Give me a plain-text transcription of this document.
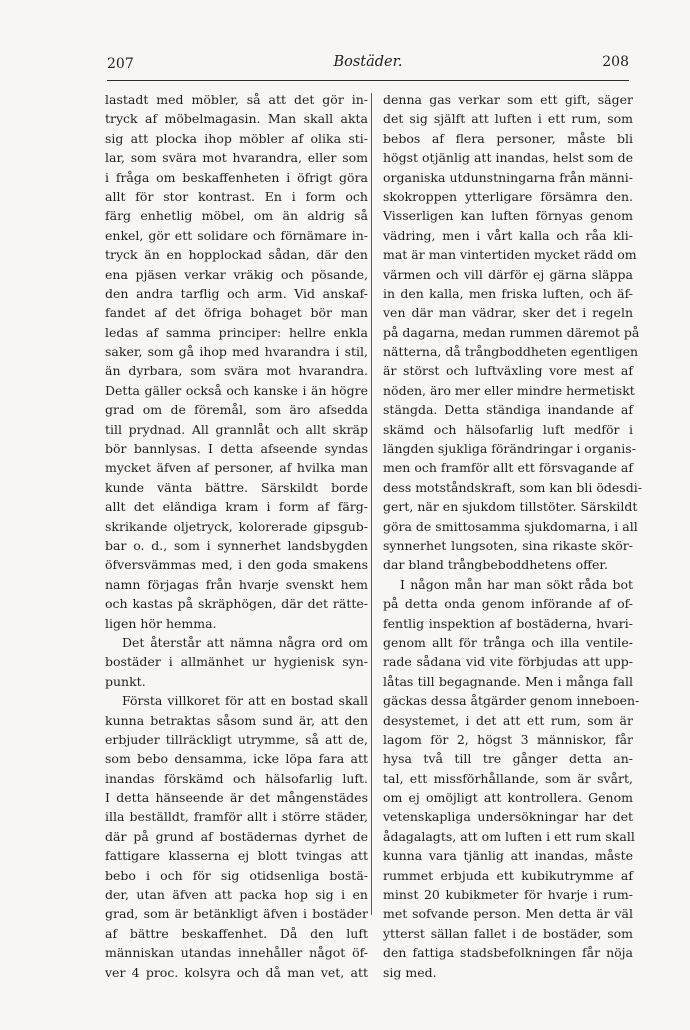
Bostäder.
207	208
lastadt med möbler, så att det gör in-
tryck af möbelmagasin. Man skall akta
sig att plocka ihop möbler af olika sti-
lar, som svära mot hvarandra, eller som
i fråga om beskaffenheten i öfrigt göra
allt för stor kontrast. En i form och
färg enhetlig möbel, om än aldrig så
enkel, gör ett solidare och förnämare in-
tryck än en hopplockad sådan, där den
ena pjäsen verkar vräkig och pösande,
den andra tarflig och arm. Vid anskaf-
fandet af det öfriga bohaget bör man
ledas af samma principer: hellre enkla
saker, som gå ihop med hvarandra i stil,
än dyrbara, som svära mot hvarandra.
Detta gäller också och kanske i än högre
grad om de föremål, som äro afsedda
till prydnad. All grannlåt och allt skräp
bör bannlysas. I detta afseende syndas
mycket äfven af personer, af hvilka man
kunde vänta bättre. Särskildt borde
allt det eländiga kram i form af färg-
skrikande oljetryck, kolorerade gipsgub-
bar o. d., som i synnerhet landsbygden
öfversvämmas med, i den goda smakens
namn förjagas från hvarje svenskt hem
och kastas på skräphögen, där det rätte-
ligen hör hemma.
Det återstår att nämna några ord om
bostäder i allmänhet ur hygienisk syn-
punkt.
Första villkoret för att en bostad skall
kunna betraktas såsom sund är, att den
erbjuder tillräckligt utrymme, så att de,
som bebo densamma, icke löpa fara att
inandas förskämd och hälsofarlig luft.
I detta hänseende är det mångenstädes
illa beställdt, framför allt i större städer,
där på grund af bostädernas dyrhet de
fattigare klasserna ej blott tvingas att
bebo i och för sig otidsenliga bostä-
der, utan äfven att packa hop sig i en
grad, som är betänkligt äfven i bostäder
af bättre beskaffenhet. Då den luft
människan utandas innehåller något öf-
ver 4 proc. kolsyra och då man vet, att
denna gas verkar som ett gift, säger
det sig själft att luften i ett rum, som
bebos af flera personer, måste bli
högst otjänlig att inandas, helst som de
organiska utdunstningarna från männi-
skokroppen ytterligare försämra den.
Visserligen kan luften förnyas genom
vädring, men i vårt kalla och råa kli-
mat är man vintertiden mycket rädd om
värmen och vill därför ej gärna släppa
in den kalla, men friska luften, och äf-
ven där man vädrar, sker det i regeln
på dagarna, medan rummen däremot på
nätterna, då trångboddheten egentligen
är störst och luftväxling vore mest af
nöden, äro mer eller mindre hermetiskt
stängda. Detta ständiga inandande af
skämd och hälsofarlig luft medför i
längden sjukliga förändringar i organis-
men och framför allt ett försvagande af
dess motståndskraft, som kan bli ödesdi-
gert, när en sjukdom tillstöter. Särskildt
göra de smittosamma sjukdomarna, i all
synnerhet lungsoten, sina rikaste skör-
dar bland trångbeboddhetens offer.
I någon mån har man sökt råda bot
på detta onda genom införande af of-
fentlig inspektion af bostäderna, hvari-
genom allt för trånga och illa ventile-
rade sådana vid vite förbjudas att upp-
låtas till begagnande. Men i många fall
gäckas dessa åtgärder genom inneboen-
desystemet, i det att ett rum, som är
lagom för 2, högst 3 människor, får
hysa två till tre gånger detta an-
tal, ett missförhållande, som är svårt,
om ej omöjligt att kontrollera. Genom
vetenskapliga undersökningar har det
ådagalagts, att om luften i ett rum skall
kunna vara tjänlig att inandas, måste
rummet erbjuda ett kubikutrymme af
minst 20 kubikmeter för hvarje i rum-
met sofvande person. Men detta är väl
ytterst sällan fallet i de bostäder, som
den fattiga stadsbefolkningen får nöja
sig med.
